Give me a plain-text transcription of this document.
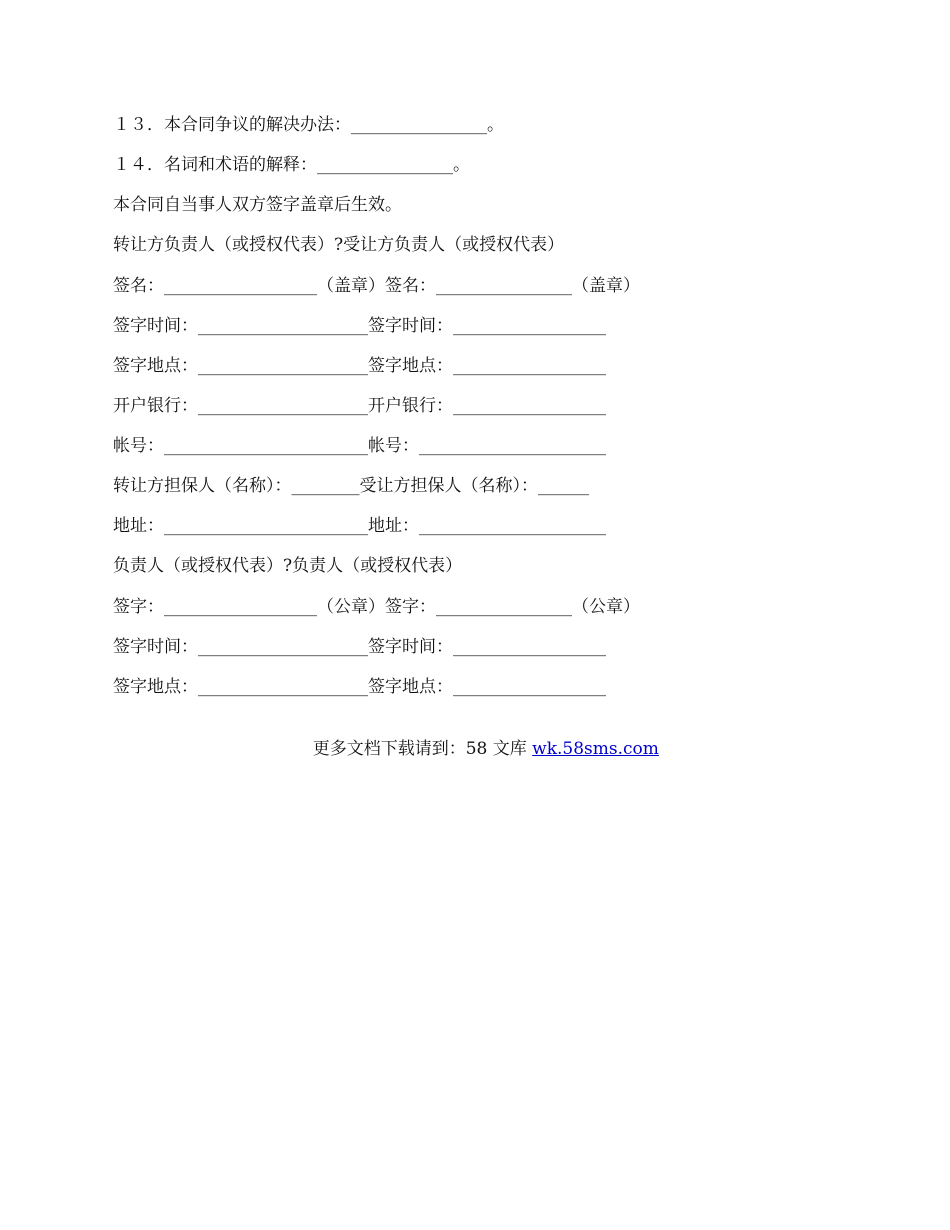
１３．本合同争议的解决办法：________________。
１４．名词和术语的解释：________________。
本合同自当事人双方签字盖章后生效。
转让方负责人（或授权代表）?受让方负责人（或授权代表）
签名：__________________（盖章）签名：________________（盖章）
签字时间：____________________签字时间：__________________
签字地点：____________________签字地点：__________________
开户银行：____________________开户银行：__________________
帐号：________________________帐号：______________________
转让方担保人（名称）：________受让方担保人（名称）：______
地址：________________________地址：______________________
负责人（或授权代表）?负责人（或授权代表）
签字：__________________（公章）签字：________________（公章）
签字时间：____________________签字时间：__________________
签字地点：____________________签字地点：__________________

更多文档下载请到：58 文库 wk.58sms.com
